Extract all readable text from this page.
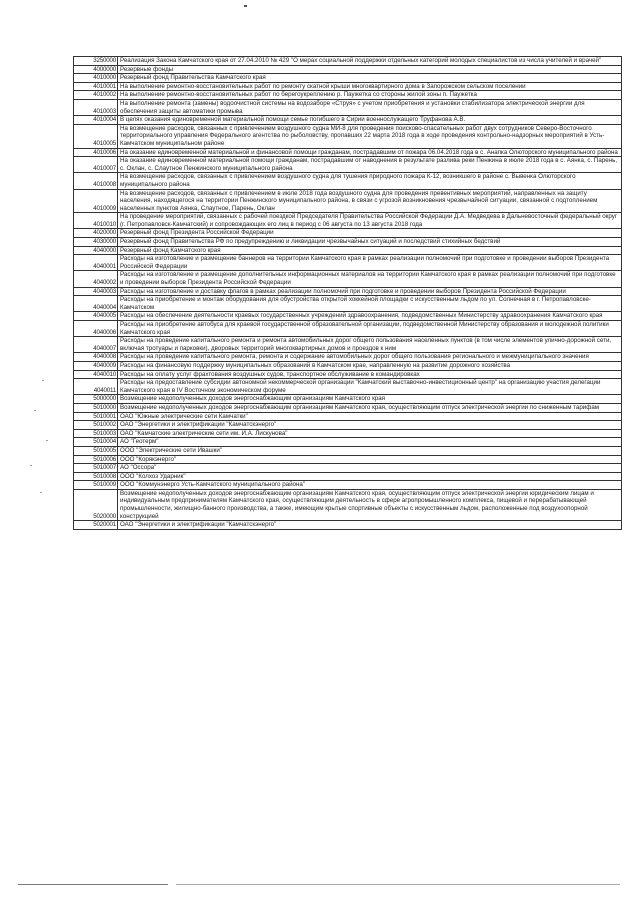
3250000	Реализация Закона Камчатского края от 27.04.2010 № 429 "О мерах социальной поддержки отдельных категорий молодых специалистов из числа учителей и врачей"
4000000	Резервные фонды
4010000	Резервный фонд Правительства Камчатского края
4010001	На выполнение ремонтно-восстановительных работ по ремонту скатной крыши многоквартирного дома в Запорожском сельском поселении
4010002	На выполнение ремонтно-восстановительных работ по берегоукреплению р. Паужетка со стороны жилой зоны п. Паужетка
4010003	На выполнение ремонта (замены) водоочистной системы на водозаборе «Струя» с учетом приобретения и установки стабилизатора электрической энергии для обеспечения защиты автоматики промыва
4010004	В целях оказания единовременной материальной помощи семье погибшего в Сирии военнослужащего Труфанова А.В.
4010005	На возмещение расходов, связанных с привлечением воздушного судна МИ-8 для проведения поисково-спасательных работ двух сотрудников Северо-Восточного территориального управления Федерального агентства по рыболовству, пропавших 22 марта 2018 года в ходе проведения контрольно-надзорных мероприятий в Усть-Камчатском муниципальном районе
4010006	На оказание единовременной материальной и финансовой помощи гражданам, пострадавшим от пожара 06.04.2018 года в с. Анапка Олюторского муниципального района
4010007	На оказание единовременной материальной помощи гражданам, пострадавшим от наводнения в результате разлива реки Пенжина в июле 2018 года в с. Аянка, с. Парень, с. Оклан, с. Слаутное Пенжинского муниципального района
4010008	На возмещение расходов, связанных с привлечением воздушного судна для тушения природного пожара К-12, возникшего в районе с. Вывенка Олюторского муниципального района
4010009	На возмещение расходов, связанных с привлечением в июле 2018 года воздушного судна для проведения превентивных мероприятий, направленных на защиту населения, находящегося на территории Пенжинского муниципального района, в связи с угрозой возникновения чрезвычайной ситуации, связанной с подтоплением населенных пунктов Аянка, Слаутное, Парень, Оклан
4010010	На проведение мероприятий, связанных с рабочей поездкой Председателя Правительства Российской Федерации Д.А. Медведева в Дальневосточный федеральный округ (г. Петропавловск-Камчатский) и сопровождающих его лиц в период с 06 августа по 13 августа 2018 года
4020000	Резервный фонд Президента Российской Федерации
4030000	Резервный фонд Правительства РФ по предупреждению и ликвидации чрезвычайных ситуаций и последствий стихийных бедствий
4040000	Резервный фонд Камчатского края
4040001	Расходы на изготовление и размещение баннеров на территории Камчатского края в рамках реализации полномочий при подготовке и проведении выборов Президента Российской Федерации
4040002	Расходы на изготовление и размещение дополнительных информационных материалов на территории Камчатского края в рамках реализации полномочий при подготовке и проведении выборов Президента Российской Федерации
4040003	Расходы на изготовление и доставку флагов в рамках реализации полномочий при подготовке и проведении выборов Президента Российской Федерации
4040004	Расходы на приобретение и монтаж оборудования для обустройства открытой хоккейной площадки с искусственным льдом по ул. Солнечная в г. Петропавловске-Камчатском
4040005	Расходы на обеспечение деятельности краевых государственных учреждений здравоохранения, подведомственных Министерству здравоохранения Камчатского края
4040006	Расходы на приобретение автобуса для краевой государственной образовательной организации, подведомственной Министерству образования и молодежной политики Камчатского края
4040007	Расходы на проведение капитального ремонта и ремонта автомобильных дорог общего пользования населенных пунктов (в том числе элементов улично-дорожной сети, включая тротуары и парковки), дворовых территорий многоквартирных домов и проездов к ним
4040008	Расходы на проведение капитального ремонта, ремонта и содержание автомобильных дорог общего пользования регионального и межмуниципального значения
4040009	Расходы на финансовую поддержку муниципальных образований в Камчатском крае, направленную на развитие дорожного хозяйства
4040010	Расходы на оплату услуг фрахтования воздушных судов, транспортное обслуживание в командировках
4040011	Расходы на предоставление субсидии автономной некоммерческой организации "Камчатский выставочно-инвестиционный центр" на организацию участия делегации Камчатского края в IV Восточном экономическом форуме
5000000	Возмещение недополученных доходов энергоснабжающим организациям Камчатского края
5010000	Возмещение недополученных доходов энергоснабжающим организациям Камчатского края, осуществляющим отпуск электрической энергии по сниженным тарифам
5010001	ОАО "Южные электрические сети Камчатки"
5010002	ОАО "Энергетики и электрификации "Камчатскэнерго"
5010003	ОАО "Камчатские электрические сети им. И.А. Лискунова"
5010004	АО "Геотерм"
5010005	ООО "Электрические сети Ивашки"
5010006	ООО "Корякэнерго"
5010007	АО "Оссора"
5010008	ООО "Колхоз Ударник"
5010009	ООО "Коммунэнерго Усть-Камчатского муниципального района"
5020000	Возмещение недополученных доходов энергоснабжающим организациям Камчатского края, осуществляющим отпуск электрической энергии юридическим лицам и индивидуальным предпринимателям Камчатского края, осуществляющим деятельность в сфере агропромышленного комплекса, пищевой и перерабатывающей промышленности, жилищно-банного производства, а также, имеющим крытые спортивные объекты с искусственным льдом, расположенные под воздухоопорной конструкцией
5020001	ОАО "Энергетики и электрификации "Камчатскэнерго"
